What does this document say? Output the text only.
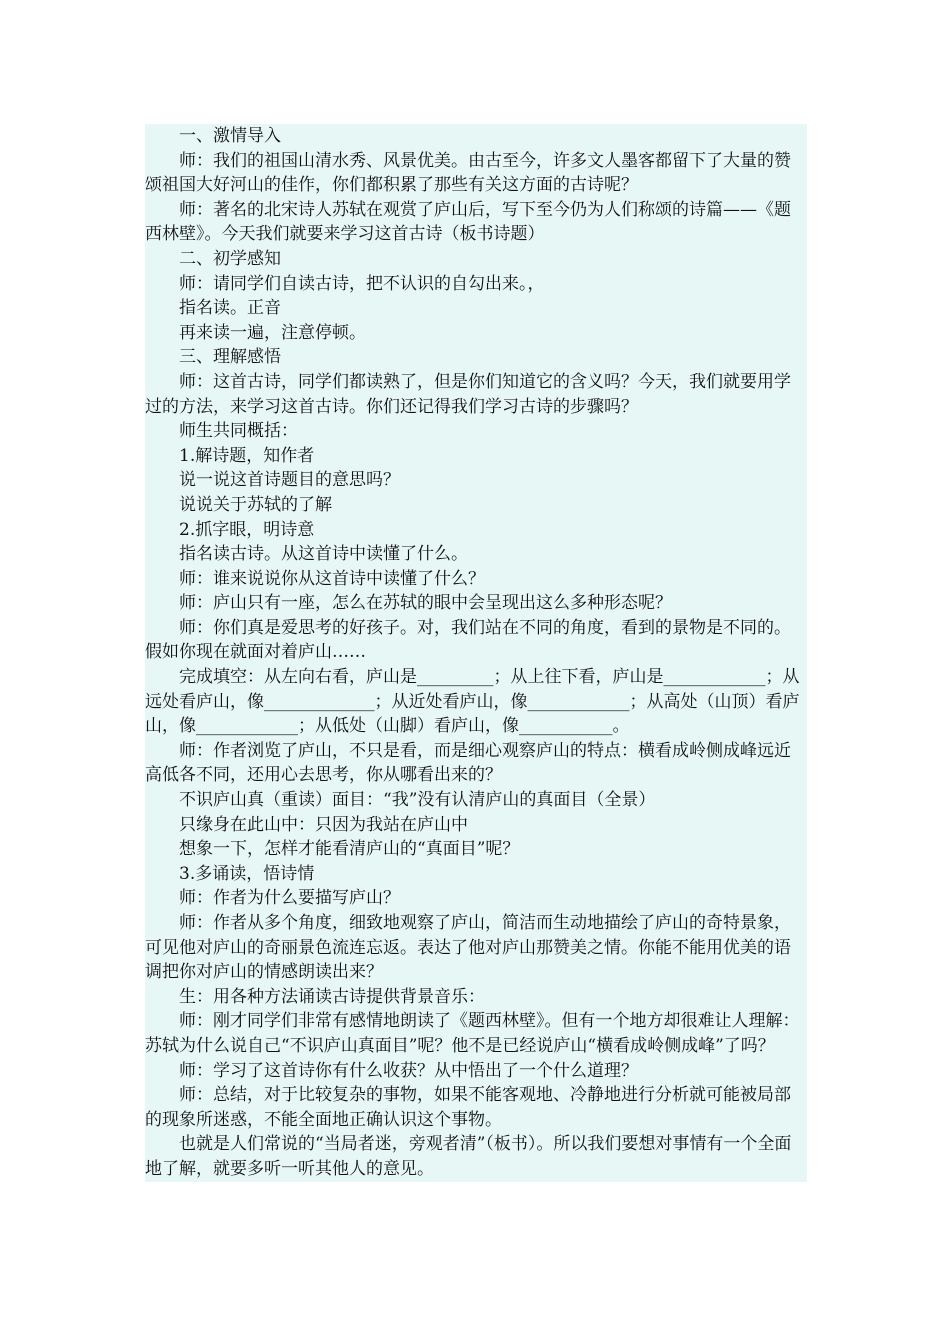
一、激情导入

师：我们的祖国山清水秀、风景优美。由古至今，许多文人墨客都留下了大量的赞颂祖国大好河山的佳作，你们都积累了那些有关这方面的古诗呢？

师：著名的北宋诗人苏轼在观赏了庐山后，写下至今仍为人们称颂的诗篇——《题西林壁》。今天我们就要来学习这首古诗（板书诗题）

二、初学感知

师：请同学们自读古诗，把不认识的自勾出来。，

指名读。正音

再来读一遍，注意停顿。

三、理解感悟

师：这首古诗，同学们都读熟了，但是你们知道它的含义吗？今天，我们就要用学过的方法，来学习这首古诗。你们还记得我们学习古诗的步骤吗？

师生共同概括：

1.解诗题，知作者

说一说这首诗题目的意思吗？

说说关于苏轼的了解

2.抓字眼，明诗意

指名读古诗。从这首诗中读懂了什么。

师：谁来说说你从这首诗中读懂了什么？

师：庐山只有一座，怎么在苏轼的眼中会呈现出这么多种形态呢？

师：你们真是爱思考的好孩子。对，我们站在不同的角度，看到的景物是不同的。假如你现在就面对着庐山……

完成填空：从左向右看，庐山是_________；从上往下看，庐山是____________；从远处看庐山，像_____________；从近处看庐山，像____________；从高处（山顶）看庐山，像____________；从低处（山脚）看庐山，像___________。

师：作者浏览了庐山，不只是看，而是细心观察庐山的特点：横看成岭侧成峰远近高低各不同，还用心去思考，你从哪看出来的？

不识庐山真（重读）面目：“我”没有认清庐山的真面目（全景）

只缘身在此山中：只因为我站在庐山中

想象一下，怎样才能看清庐山的“真面目”呢？

3.多诵读，悟诗情

师：作者为什么要描写庐山？

师：作者从多个角度，细致地观察了庐山，简洁而生动地描绘了庐山的奇特景象，可见他对庐山的奇丽景色流连忘返。表达了他对庐山那赞美之情。你能不能用优美的语调把你对庐山的情感朗读出来？

生：用各种方法诵读古诗提供背景音乐：

师：刚才同学们非常有感情地朗读了《题西林壁》。但有一个地方却很难让人理解：苏轼为什么说自己“不识庐山真面目”呢？他不是已经说庐山“横看成岭侧成峰”了吗？

师：学习了这首诗你有什么收获？从中悟出了一个什么道理？

师：总结，对于比较复杂的事物，如果不能客观地、冷静地进行分析就可能被局部的现象所迷惑，不能全面地正确认识这个事物。

也就是人们常说的“当局者迷，旁观者清”（板书）。所以我们要想对事情有一个全面地了解，就要多听一听其他人的意见。
